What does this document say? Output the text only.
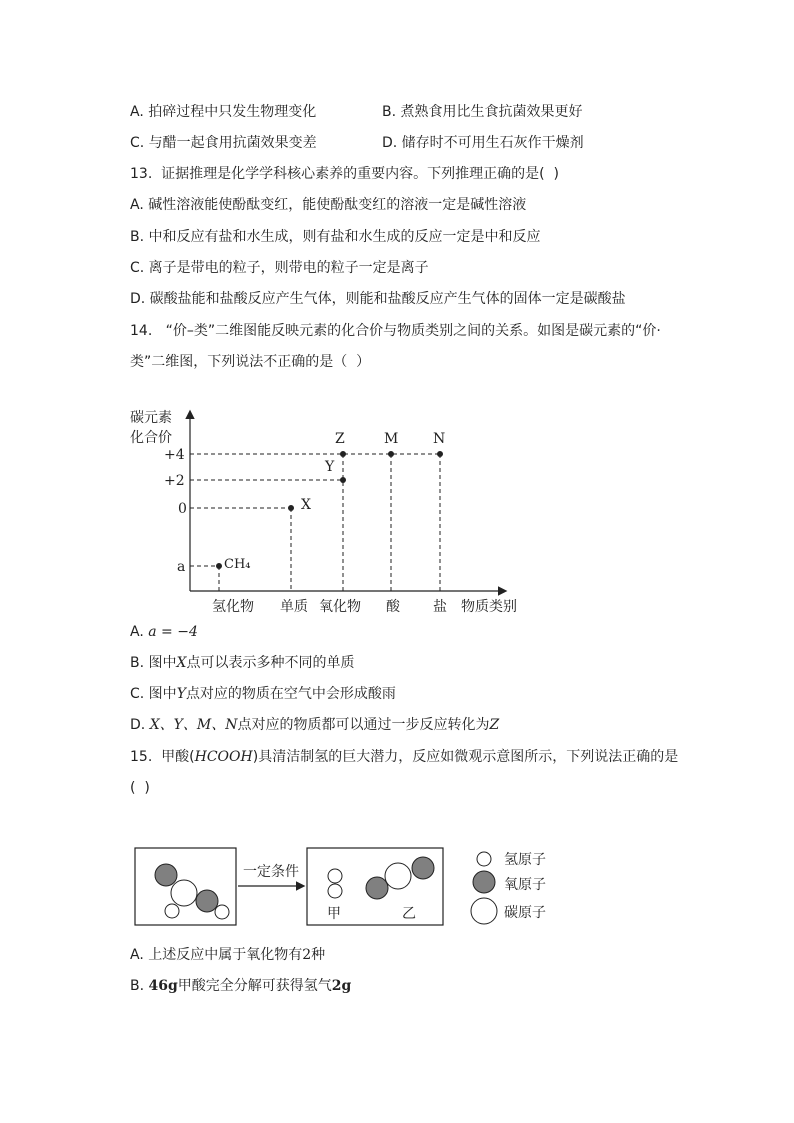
A. 拍碎过程中只发生物理变化	B. 煮熟食用比生食抗菌效果更好
C. 与醋一起食用抗菌效果变差	D. 储存时不可用生石灰作干燥剂
13.  证据推理是化学学科核心素养的重要内容。下列推理正确的是(  )
A. 碱性溶液能使酚酞变红，能使酚酞变红的溶液一定是碱性溶液
B. 中和反应有盐和水生成，则有盐和水生成的反应一定是中和反应
C. 离子是带电的粒子，则带电的粒子一定是离子
D. 碳酸盐能和盐酸反应产生气体，则能和盐酸反应产生气体的固体一定是碳酸盐
14.   “价–类”二维图能反映元素的化合价与物质类别之间的关系。如图是碳元素的“价·
类”二维图，下列说法不正确的是（  ）
碳元素
化合价
+4
+2
0
a	CH₄
X
Y
Z	M N
氢化物 单质 氧化物 酸 盐 物质类别
A. a = −4
B. 图中X点可以表示多种不同的单质
C. 图中Y点对应的物质在空气中会形成酸雨
D. X、Y、M、N点对应的物质都可以通过一步反应转化为Z
15.  甲酸(HCOOH)具清洁制氢的巨大潜力，反应如微观示意图所示，下列说法正确的是
(  )
一定条件
甲	乙
氢原子
氧原子
碳原子
A. 上述反应中属于氧化物有2种
B. 46g甲酸完全分解可获得氢气2g
